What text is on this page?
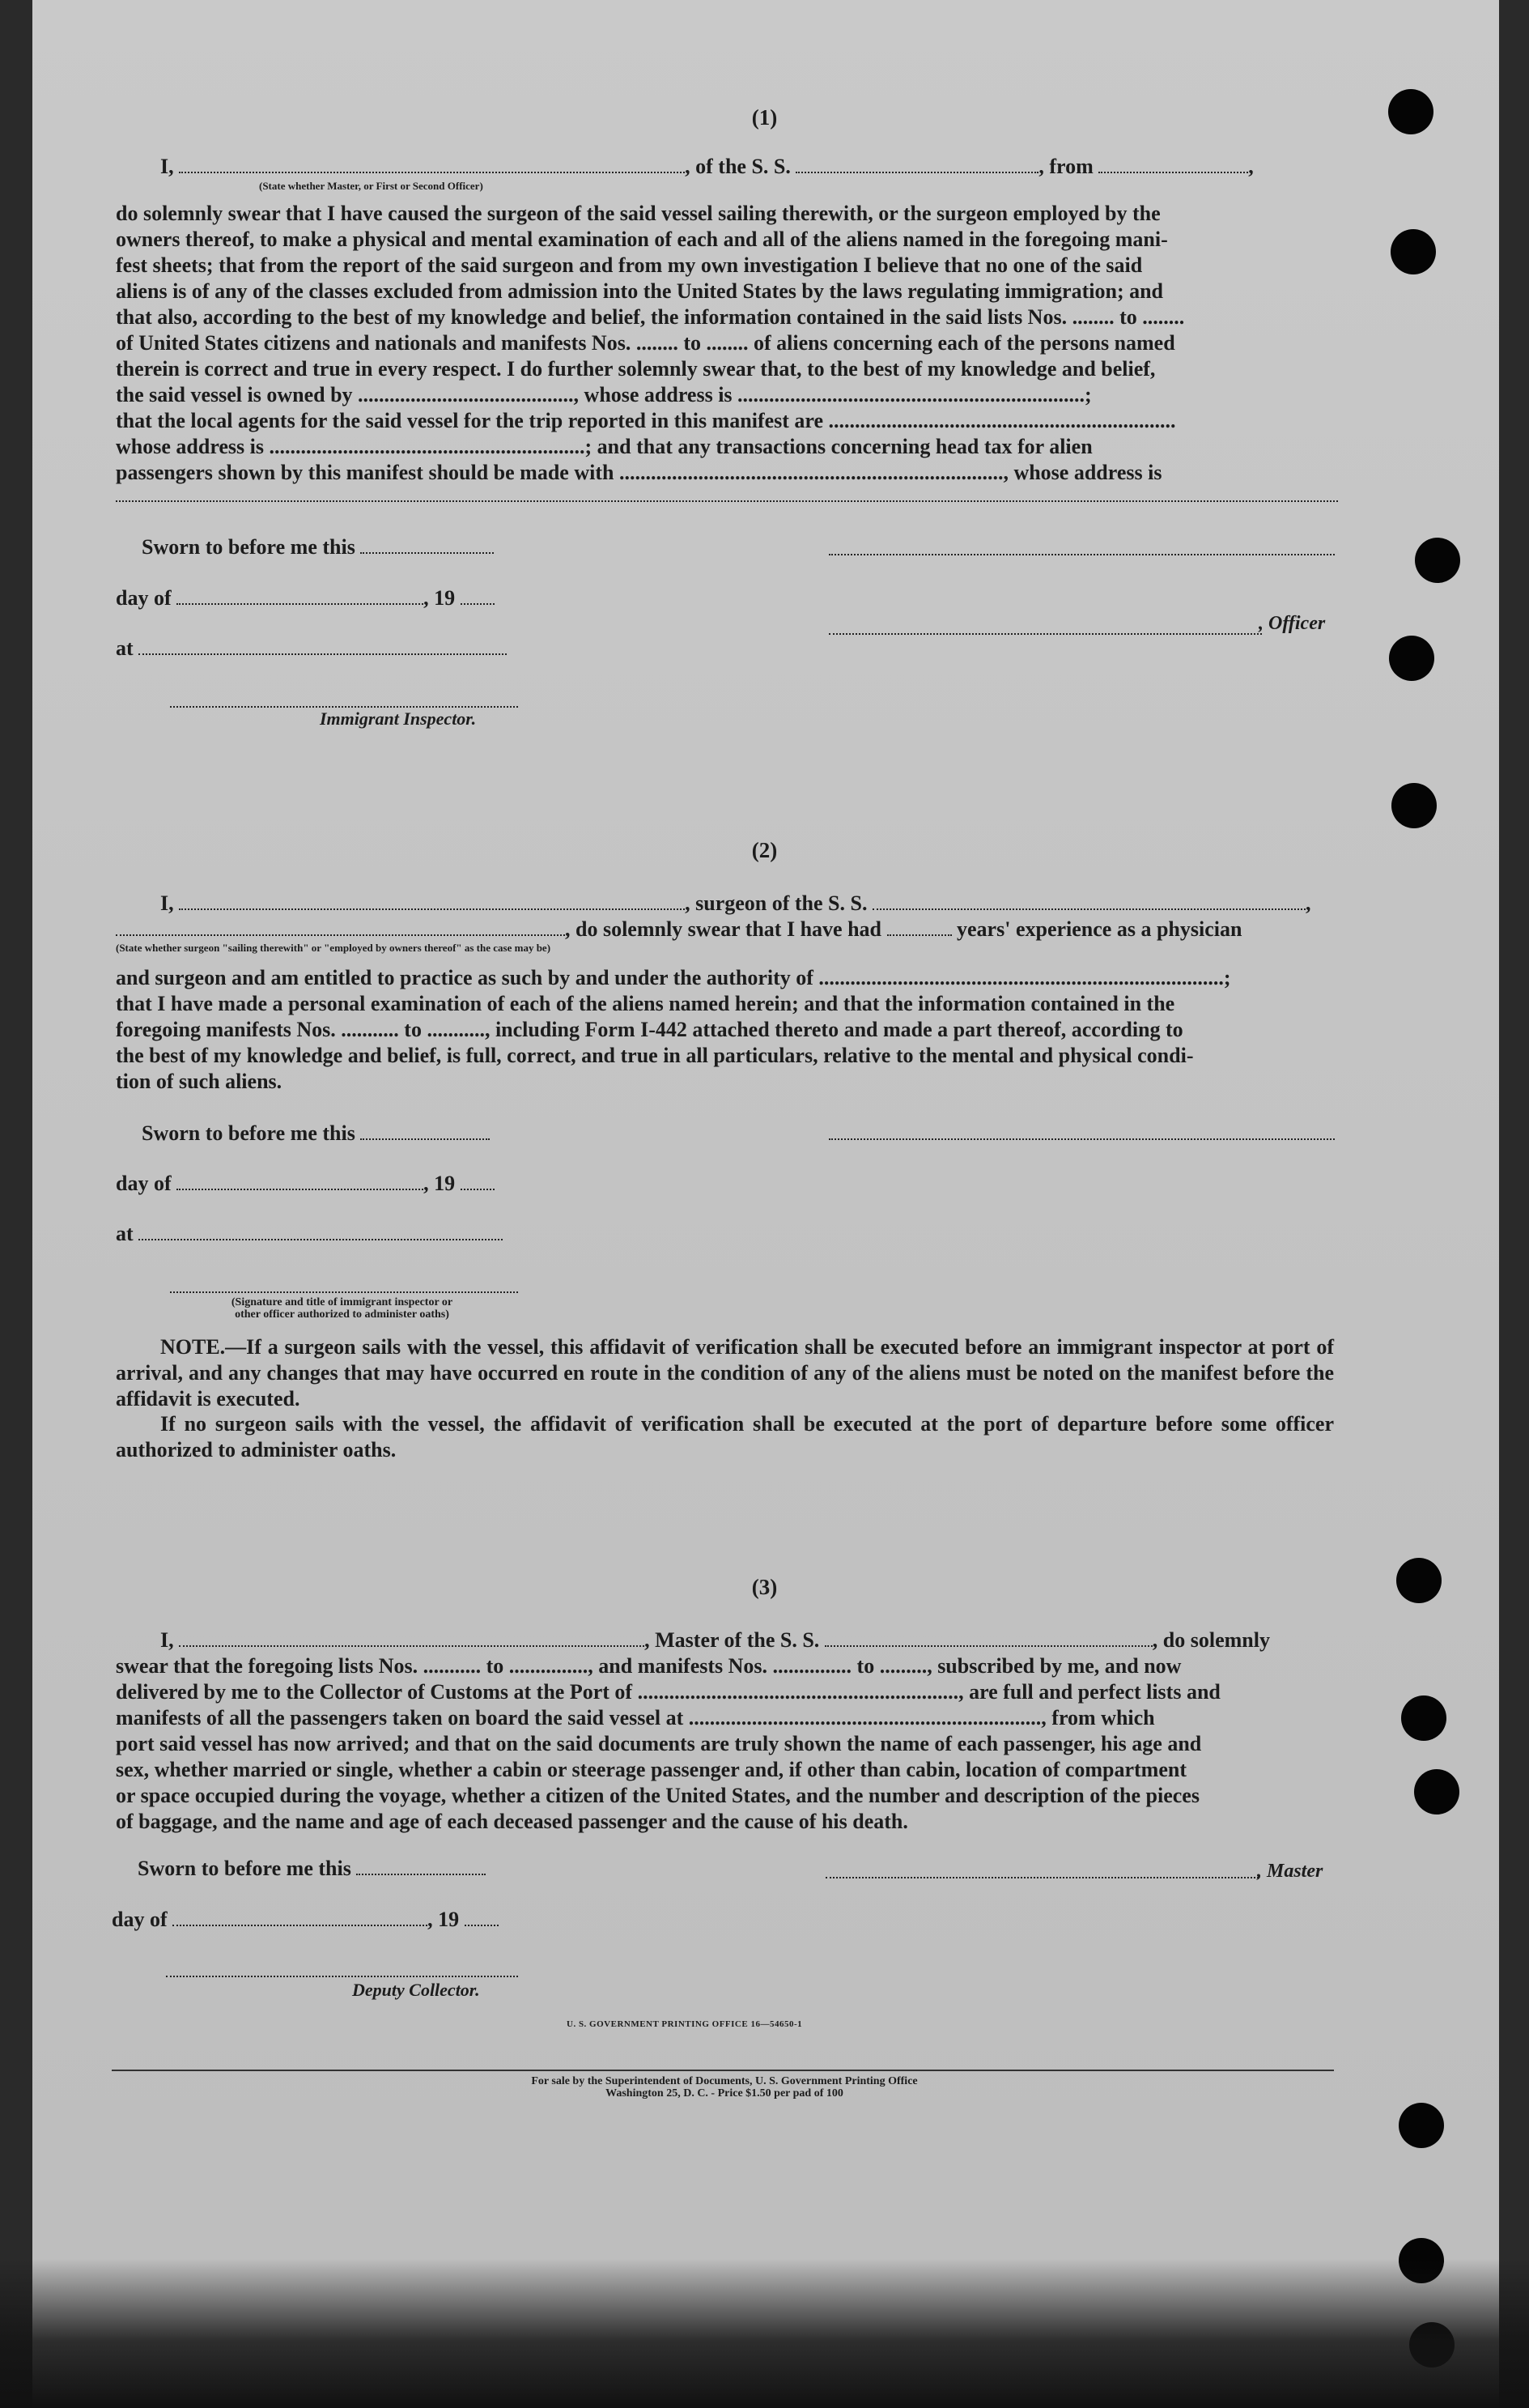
(1)
I,	, of the S. S.	, from	,
(State whether Master, or First or Second Officer)
do solemnly swear that I have caused the surgeon of the said vessel sailing therewith, or the surgeon employed by the
owners thereof, to make a physical and mental examination of each and all of the aliens named in the foregoing mani-
fest sheets; that from the report of the said surgeon and from my own investigation I believe that no one of the said
aliens is of any of the classes excluded from admission into the United States by the laws regulating immigration; and
that also, according to the best of my knowledge and belief, the information contained in the said lists Nos. ........ to ........
of United States citizens and nationals and manifests Nos. ........ to ........ of aliens concerning each of the persons named
therein is correct and true in every respect. I do further solemnly swear that, to the best of my knowledge and belief,
the said vessel is owned by ........................................., whose address is ..................................................................;
that the local agents for the said vessel for the trip reported in this manifest are ..................................................................
whose address is ............................................................; and that any transactions concerning head tax for alien
passengers shown by this manifest should be made with ........................................................................., whose address is
Sworn to before me this
day of	, 19
, Officer
at
Immigrant Inspector.
(2)
I,	, surgeon of the S. S.	,
, do solemnly swear that I have had	years' experience as a physician
(State whether surgeon "sailing therewith" or "employed by owners thereof" as the case may be)
and surgeon and am entitled to practice as such by and under the authority of .............................................................................;
that I have made a personal examination of each of the aliens named herein; and that the information contained in the
foregoing manifests Nos. ........... to ..........., including Form I-442 attached thereto and made a part thereof, according to
the best of my knowledge and belief, is full, correct, and true in all particulars, relative to the mental and physical condi-
tion of such aliens.
Sworn to before me this
day of	, 19
at
(Signature and title of immigrant inspector or
other officer authorized to administer oaths)
NOTE.—If a surgeon sails with the vessel, this affidavit of verification shall be executed before an immigrant inspector at port of arrival, and any changes that may have occurred en route in the condition of any of the aliens must be noted on the manifest before the affidavit is executed.
If no surgeon sails with the vessel, the affidavit of verification shall be executed at the port of departure before some officer authorized to administer oaths.
(3)
I,	, Master of the S. S.	, do solemnly
swear that the foregoing lists Nos. ........... to ..............., and manifests Nos. ............... to ........., subscribed by me, and now
delivered by me to the Collector of Customs at the Port of ............................................................., are full and perfect lists and
manifests of all the passengers taken on board the said vessel at ..................................................................., from which
port said vessel has now arrived; and that on the said documents are truly shown the name of each passenger, his age and
sex, whether married or single, whether a cabin or steerage passenger and, if other than cabin, location of compartment
or space occupied during the voyage, whether a citizen of the United States, and the number and description of the pieces
of baggage, and the name and age of each deceased passenger and the cause of his death.
Sworn to before me this	, Master
day of	, 19
Deputy Collector.
U. S. GOVERNMENT PRINTING OFFICE 16—54650-1
For sale by the Superintendent of Documents, U. S. Government Printing Office
Washington 25, D. C. - Price $1.50 per pad of 100
